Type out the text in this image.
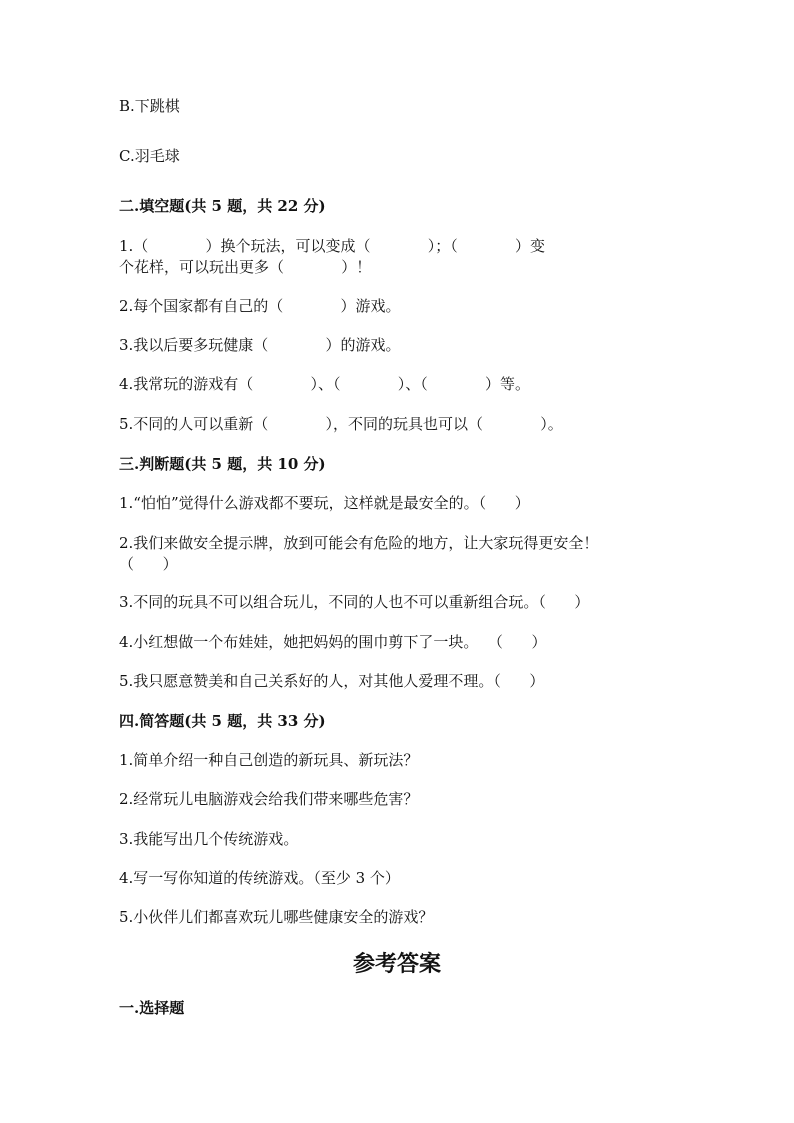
B.下跳棋
C.羽毛球
二.填空题(共 5 题，共 22 分)
1.（            ）换个玩法，可以变成（            ）；（            ）变
个花样，可以玩出更多（            ）！
2.每个国家都有自己的（            ）游戏。
3.我以后要多玩健康（            ）的游戏。
4.我常玩的游戏有（            ）、（            ）、（            ）等。
5.不同的人可以重新（            ），不同的玩具也可以（            ）。
三.判断题(共 5 题，共 10 分)
1.“怕怕”觉得什么游戏都不要玩，这样就是最安全的。（      ）
2.我们来做安全提示牌，放到可能会有危险的地方，让大家玩得更安全！
（      ）
3.不同的玩具不可以组合玩儿，不同的人也不可以重新组合玩。（      ）
4.小红想做一个布娃娃，她把妈妈的围巾剪下了一块。  （      ）
5.我只愿意赞美和自己关系好的人，对其他人爱理不理。（      ）
四.简答题(共 5 题，共 33 分)
1.简单介绍一种自己创造的新玩具、新玩法？
2.经常玩儿电脑游戏会给我们带来哪些危害？
3.我能写出几个传统游戏。
4.写一写你知道的传统游戏。（至少 3 个）
5.小伙伴儿们都喜欢玩儿哪些健康安全的游戏？
参考答案
一.选择题
